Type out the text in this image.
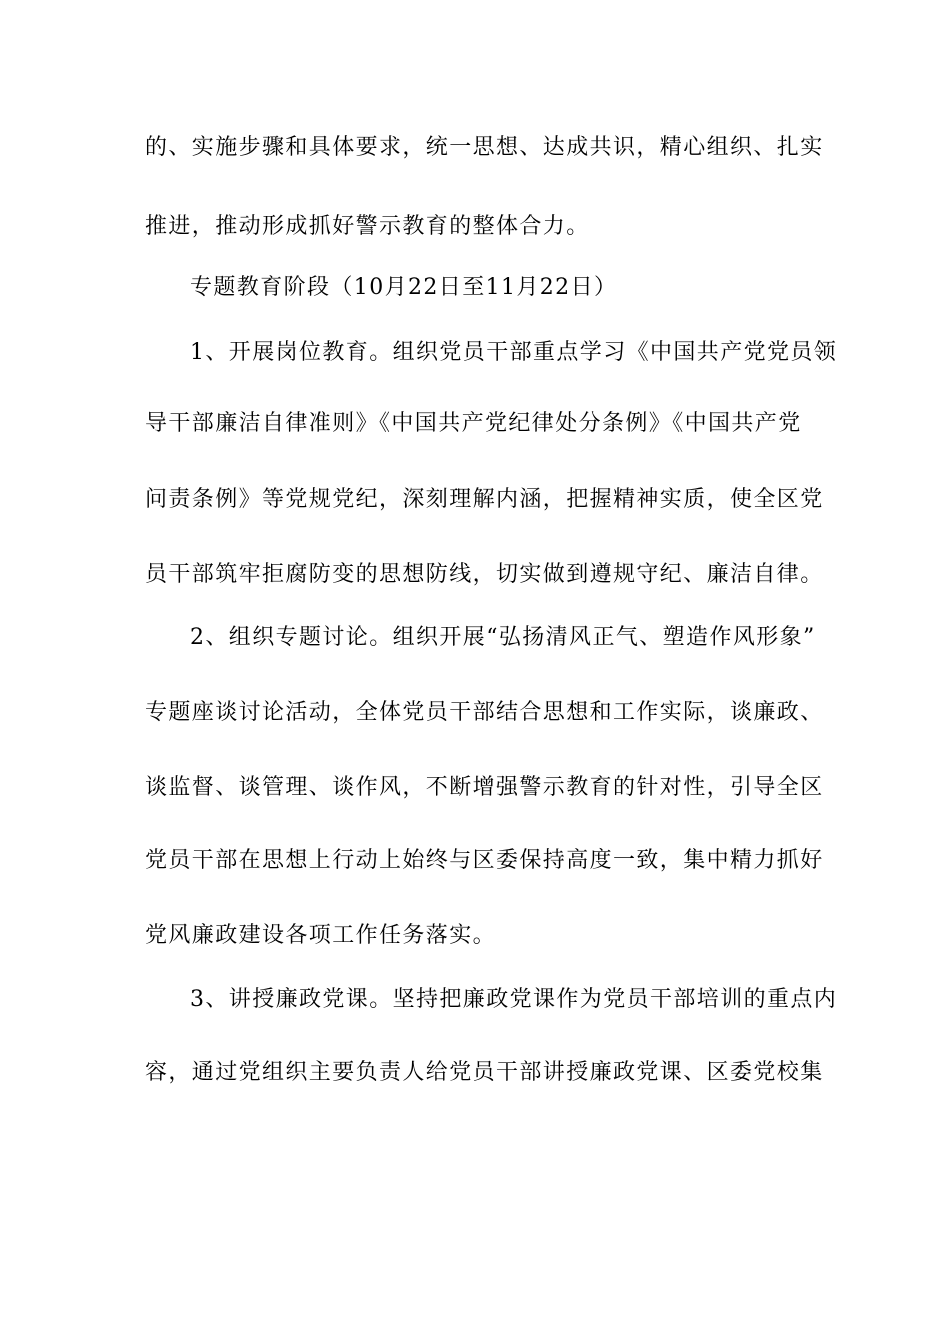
的、实施步骤和具体要求，统一思想、达成共识，精心组织、扎实
推进，推动形成抓好警示教育的整体合力。
专题教育阶段（10月22日至11月22日）
1、开展岗位教育。组织党员干部重点学习《中国共产党党员领
导干部廉洁自律准则》《中国共产党纪律处分条例》《中国共产党
问责条例》等党规党纪，深刻理解内涵，把握精神实质，使全区党
员干部筑牢拒腐防变的思想防线，切实做到遵规守纪、廉洁自律。
2、组织专题讨论。组织开展“弘扬清风正气、塑造作风形象”
专题座谈讨论活动，全体党员干部结合思想和工作实际，谈廉政、
谈监督、谈管理、谈作风，不断增强警示教育的针对性，引导全区
党员干部在思想上行动上始终与区委保持高度一致，集中精力抓好
党风廉政建设各项工作任务落实。
3、讲授廉政党课。坚持把廉政党课作为党员干部培训的重点内
容，通过党组织主要负责人给党员干部讲授廉政党课、区委党校集
